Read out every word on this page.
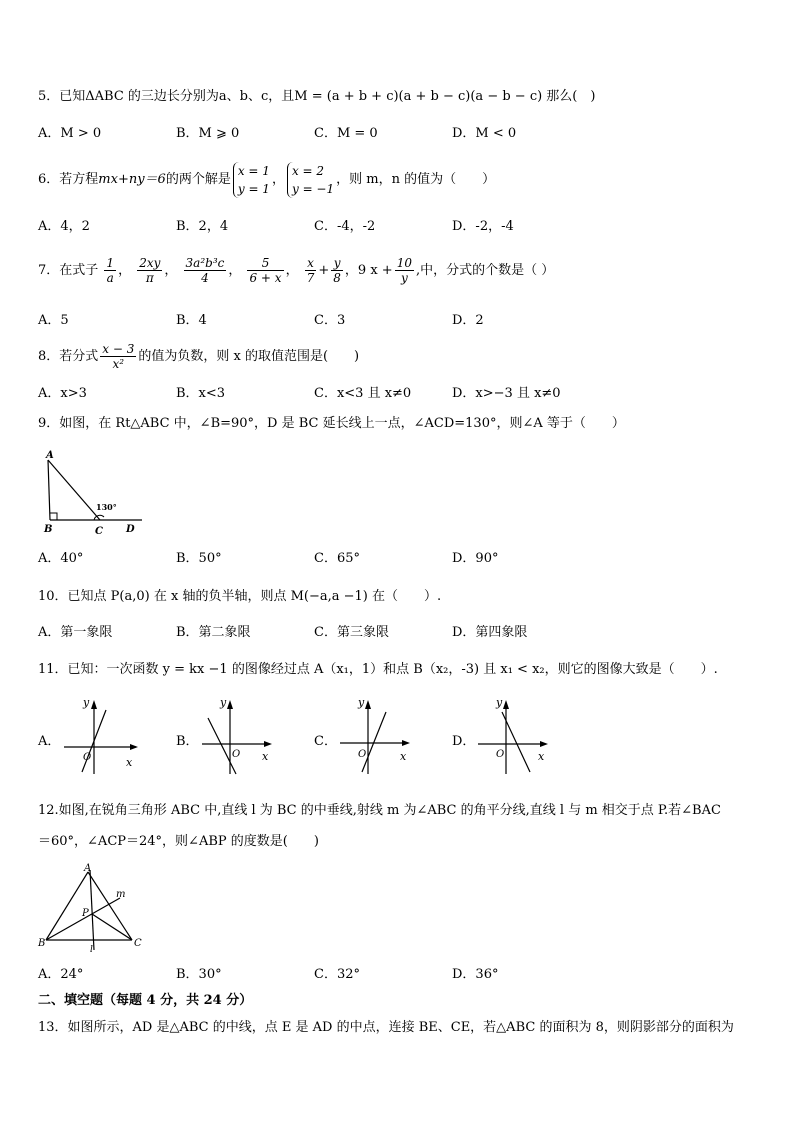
5．已知ΔABC 的三边长分别为a、b、c，且M = (a + b + c)(a + b − c)(a − b − c) 那么(　)
A．M > 0	B．M ⩾ 0	C．M = 0	D．M < 0
6．若方程mx+ny＝6的两个解是
x = 1
y = 1
，
x = 2
y = −1
，则 m，n 的值为（　　）
A．4，2	B．2，4	C．-4，-2	D．-2，-4
7．在式子 $\frac{1}{a}$ ， $\frac{2xy}{\pi}$ ， $\frac{\text{3a²b³c}}{4}$ ， $\frac{5}{6 + x}$ ， $\frac{x}{7} + \frac{y}{8}$ ，9 $x + \frac{10}{y}$ ,中，分式的个数是（ ）
A．5	B．4	C．3	D．2
8．若分式 $\frac{x - 3}{\text{x²}}$ 的值为负数，则 x 的取值范围是(　　)
A．x>3	B．x<3	C．x<3 且 x≠0	D．x>−3 且 x≠0
9．如图，在 Rt△ABC 中，∠B=90°，D 是 BC 延长线上一点，∠ACD=130°，则∠A 等于（　　）
A
B	C D
130°
A．40°	B．50°	C．65°	D．90°
10．已知点 P(a,0) 在 x 轴的负半轴，则点 M(−a,a −1) 在（　　）.
A．第一象限	B．第二象限	C．第三象限	D．第四象限
11．已知：一次函数 y = kx −1 的图像经过点 A（x₁，1）和点 B（x₂，-3) 且 x₁ < x₂，则它的图像大致是（　　）.
A．
y
x
O
B．
y
x
O
C．
y
x
O
D．
y
x
O
12.如图,在锐角三角形 ABC 中,直线 l 为 BC 的中垂线,射线 m 为∠ABC 的角平分线,直线 l 与 m 相交于点 P.若∠BAC
＝60°，∠ACP＝24°，则∠ABP 的度数是(　　)
A
B	C
P
m
l
A．24°	B．30°	C．32°	D．36°
二、填空题（每题 4 分，共 24 分）
13．如图所示，AD 是△ABC 的中线，点 E 是 AD 的中点，连接 BE、CE，若△ABC 的面积为 8，则阴影部分的面积为
